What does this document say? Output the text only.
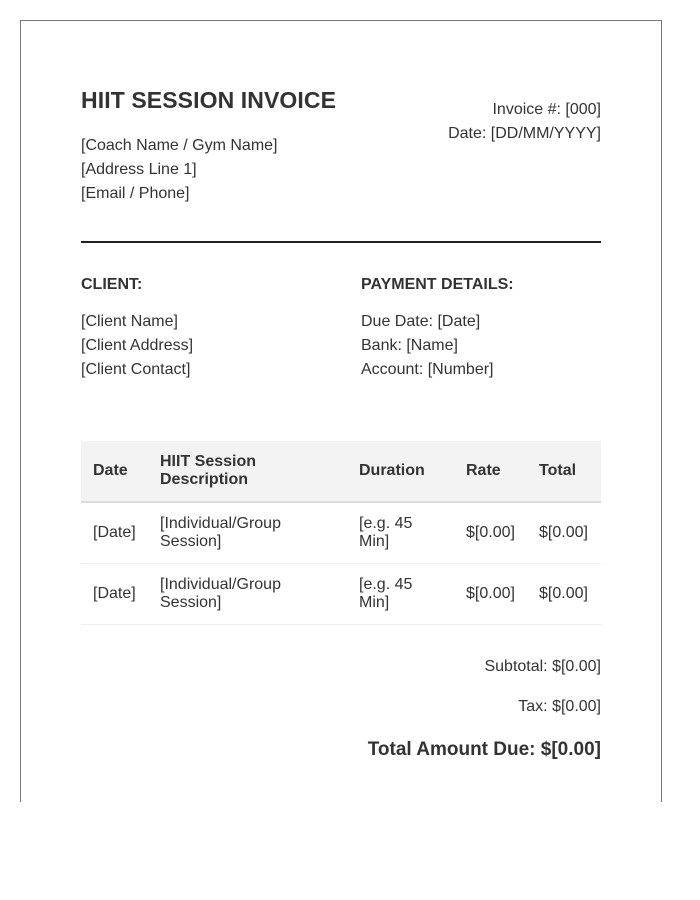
HIIT SESSION INVOICE
[Coach Name / Gym Name]
[Address Line 1]
[Email / Phone]
Invoice #: [000]
Date: [DD/MM/YYYY]
CLIENT:
[Client Name]
[Client Address]
[Client Contact]
PAYMENT DETAILS:
Due Date: [Date]
Bank: [Name]
Account: [Number]
Date	HIIT Session Description	Duration	Rate	Total
[Date]	[Individual/Group Session]	[e.g. 45 Min]	$[0.00]	$[0.00]
[Date]	[Individual/Group Session]	[e.g. 45 Min]	$[0.00]	$[0.00]
Subtotal: $[0.00]
Tax: $[0.00]
Total Amount Due: $[0.00]
